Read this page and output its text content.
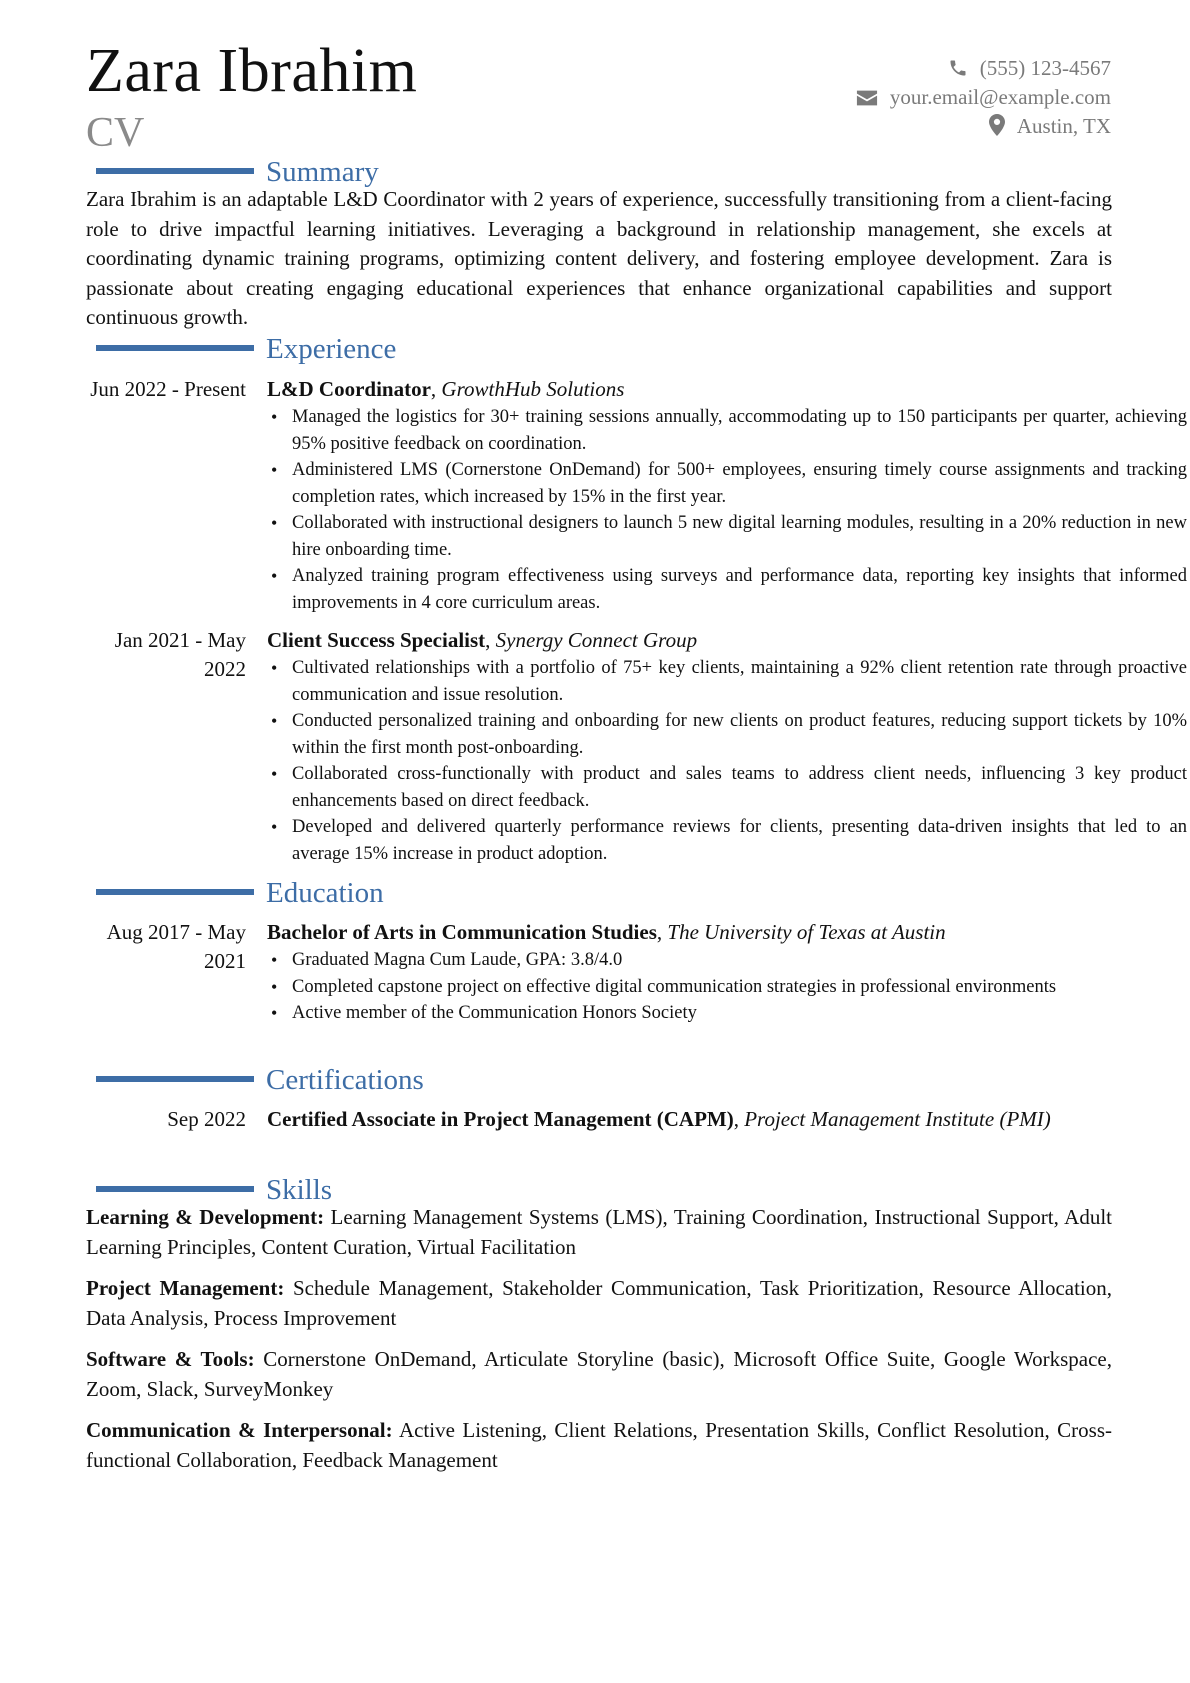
Zara Ibrahim
CV
(555) 123-4567
your.email@example.com
Austin, TX
Summary
Zara Ibrahim is an adaptable L&D Coordinator with 2 years of experience, successfully transitioning from a client-facing role to drive impactful learning initiatives. Leveraging a background in relationship management, she excels at coordinating dynamic training programs, optimizing content delivery, and fostering employee development. Zara is passionate about creating engaging educational experiences that enhance organizational capabilities and support continuous growth.
Experience
Jun 2022 - Present L&D Coordinator, GrowthHub Solutions
• Managed the logistics for 30+ training sessions annually, accommodating up to 150 participants per quarter, achieving 95% positive feedback on coordination.
• Administered LMS (Cornerstone OnDemand) for 500+ employees, ensuring timely course assignments and tracking completion rates, which increased by 15% in the first year.
• Collaborated with instructional designers to launch 5 new digital learning modules, resulting in a 20% reduction in new hire onboarding time.
• Analyzed training program effectiveness using surveys and performance data, reporting key insights that informed improvements in 4 core curriculum areas.
Jan 2021 - May 2022
Client Success Specialist, Synergy Connect Group
• Cultivated relationships with a portfolio of 75+ key clients, maintaining a 92% client retention rate through proactive communication and issue resolution.
• Conducted personalized training and onboarding for new clients on product features, reducing support tickets by 10% within the first month post-onboarding.
• Collaborated cross-functionally with product and sales teams to address client needs, influencing 3 key product enhancements based on direct feedback.
• Developed and delivered quarterly performance reviews for clients, presenting data-driven insights that led to an average 15% increase in product adoption.
Education
Aug 2017 - May 2021
Bachelor of Arts in Communication Studies, The University of Texas at Austin
• Graduated Magna Cum Laude, GPA: 3.8/4.0
• Completed capstone project on effective digital communication strategies in professional environments
• Active member of the Communication Honors Society
Certifications
Sep 2022 Certified Associate in Project Management (CAPM), Project Management Institute (PMI)
Skills
Learning & Development: Learning Management Systems (LMS), Training Coordination, Instructional Support, Adult Learning Principles, Content Curation, Virtual Facilitation
Project Management: Schedule Management, Stakeholder Communication, Task Prioritization, Resource Allocation, Data Analysis, Process Improvement
Software & Tools: Cornerstone OnDemand, Articulate Storyline (basic), Microsoft Office Suite, Google Workspace, Zoom, Slack, SurveyMonkey
Communication & Interpersonal: Active Listening, Client Relations, Presentation Skills, Conflict Resolution, Cross-functional Collaboration, Feedback Management
